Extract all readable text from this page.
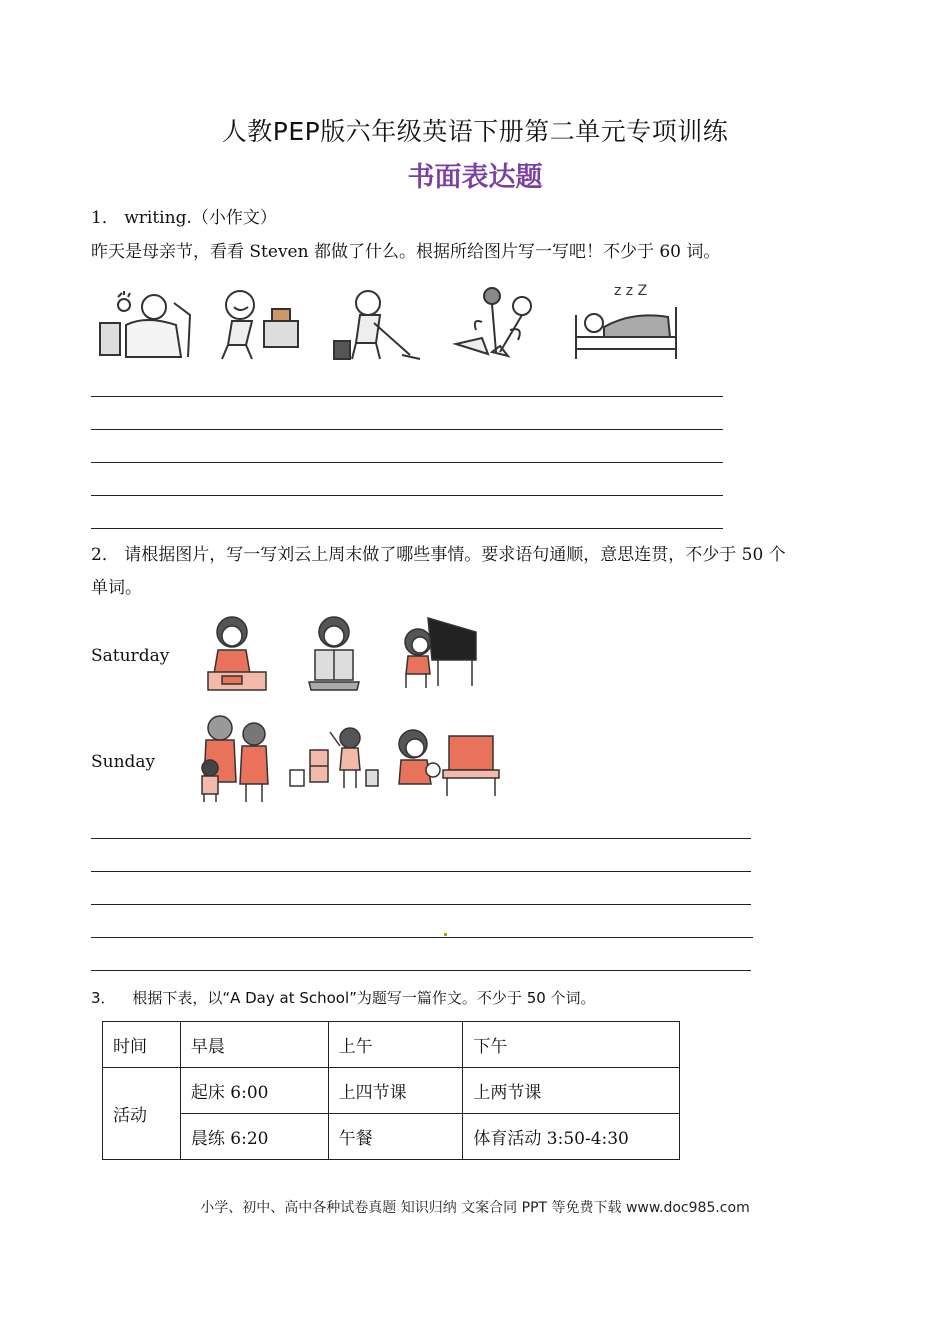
人教PEP版六年级英语下册第二单元专项训练
书面表达题
1． writing.（小作文）
昨天是母亲节，看看 Steven 都做了什么。根据所给图片写一写吧！不少于 60 词。
z z Z
2． 请根据图片，写一写刘云上周末做了哪些事情。要求语句通顺，意思连贯，不少于 50 个
单词。
Saturday
Sunday
3． 根据下表，以“A Day at School”为题写一篇作文。不少于 50 个词。
时间	早晨	上午	下午
活动	起床 6:00	上四节课	上两节课
	晨练 6:20	午餐	体育活动 3:50-4:30
小学、初中、高中各种试卷真题 知识归纳 文案合同 PPT 等免费下载 www.doc985.com
